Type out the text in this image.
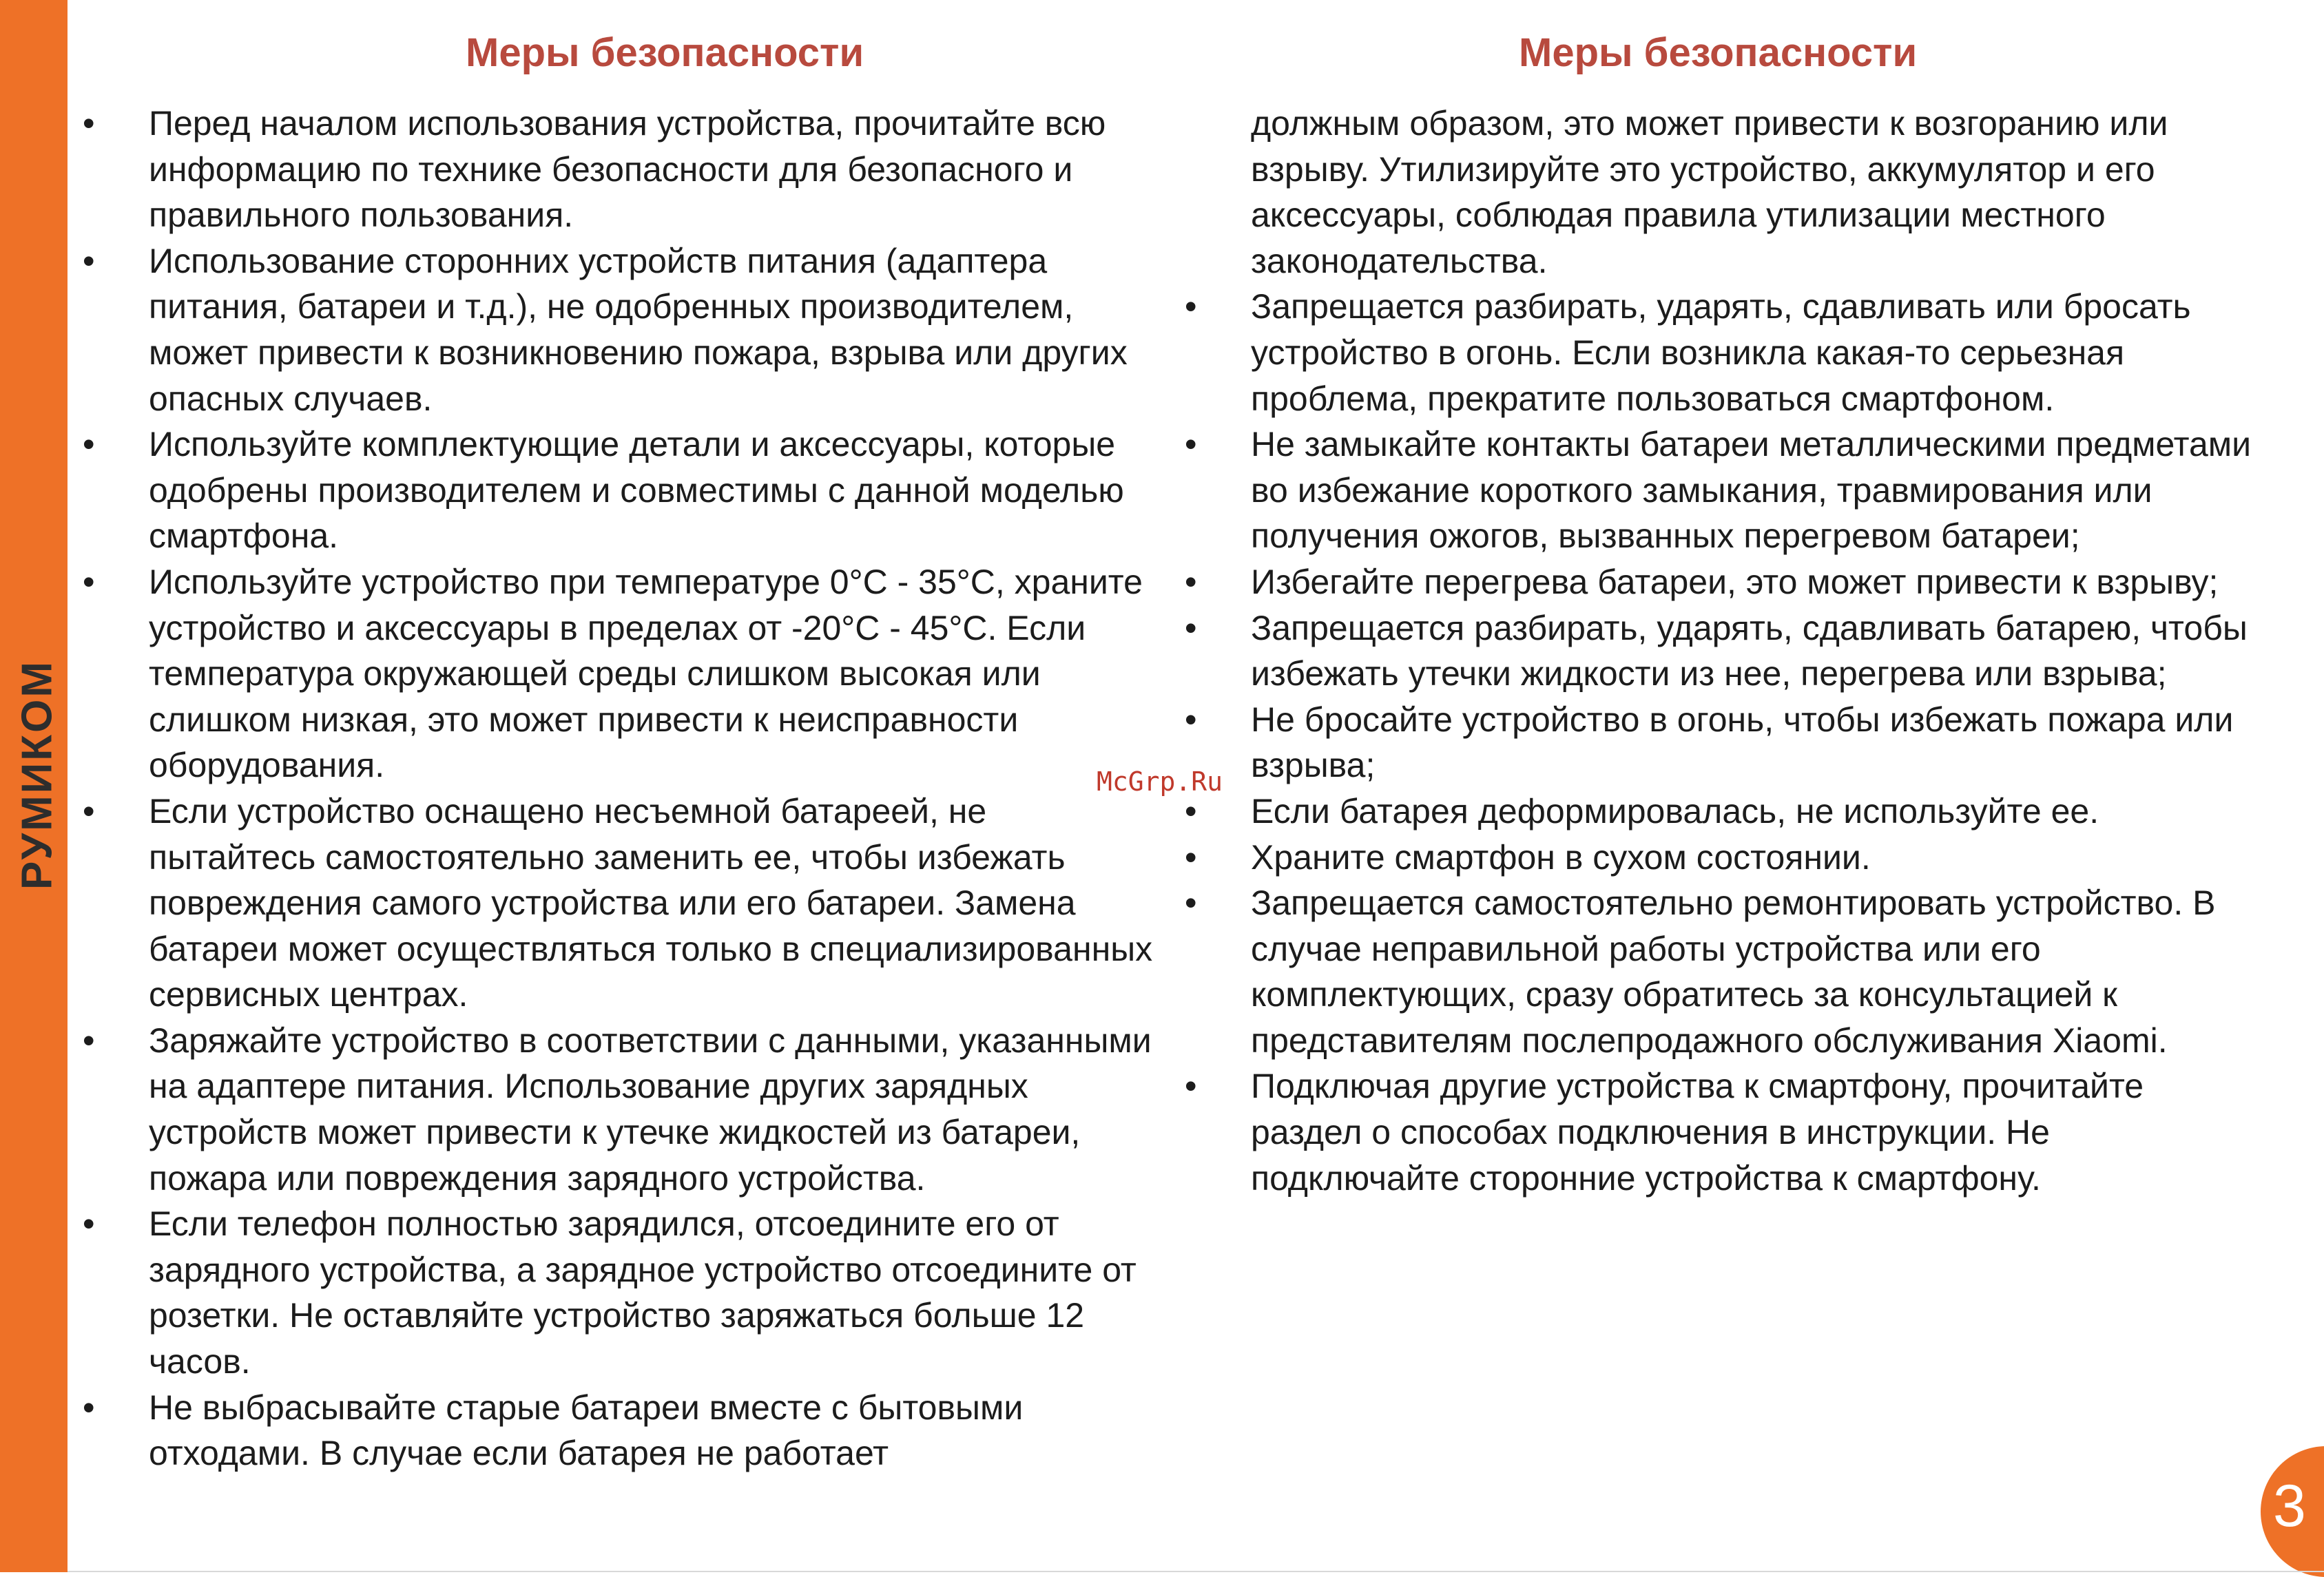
РУМИКОМ
Меры безопасности
• Перед началом использования устройства, прочитайте всю информацию по технике безопасности для безопасного и правильного пользования.
• Использование сторонних устройств питания (адаптера питания, батареи и т.д.), не одобренных производителем, может привести к возникновению пожара, взрыва или других опасных случаев.
• Используйте комплектующие детали и аксессуары, которые одобрены производителем и совместимы с данной моделью смартфона.
• Используйте устройство при температуре 0°С - 35°С, храните устройство и аксессуары в пределах от -20°С - 45°С. Если температура окружающей среды слишком высокая или слишком низкая, это может привести к неисправности оборудования.
• Если устройство оснащено несъемной батареей, не пытайтесь самостоятельно заменить ее, чтобы избежать повреждения самого устройства или его батареи. Замена батареи может осуществляться только в специализированных сервисных центрах.
• Заряжайте устройство в соответствии с данными, указанными на адаптере питания. Использование других зарядных устройств может привести к утечке жидкостей из батареи, пожара или повреждения зарядного устройства.
• Если телефон полностью зарядился, отсоедините его от зарядного устройства, а зарядное устройство отсоедините от розетки. Не оставляйте устройство заряжаться больше 12 часов.
• Не выбрасывайте старые батареи вместе с бытовыми отходами. В случае если батарея не работает
Меры безопасности

должным образом, это может привести к возгоранию или взрыву. Утилизируйте это устройство, аккумулятор и его аксессуары, соблюдая правила утилизации местного законодательства.

• Запрещается разбирать, ударять, сдавливать или бросать устройство в огонь. Если возникла какая-то серьезная проблема, прекратите пользоваться смартфоном.
• Не замыкайте контакты батареи металлическими предметами во избежание короткого замыкания, травмирования или получения ожогов, вызванных перегревом батареи;
• Избегайте перегрева батареи, это может привести к взрыву;
• Запрещается разбирать, ударять, сдавливать батарею, чтобы избежать утечки жидкости из нее, перегрева или взрыва;
• Не бросайте устройство в огонь, чтобы избежать пожара или взрыва;
• Если батарея деформировалась, не используйте ее.
• Храните смартфон в сухом состоянии.
• Запрещается самостоятельно ремонтировать устройство. В случае неправильной работы устройства или его комплектующих, сразу обратитесь за консультацией к представителям послепродажного обслуживания Xiaomi.
• Подключая другие устройства к смартфону, прочитайте раздел о способах подключения в инструкции. Не подключайте сторонние устройства к смартфону.
McGrp.Ru
3
